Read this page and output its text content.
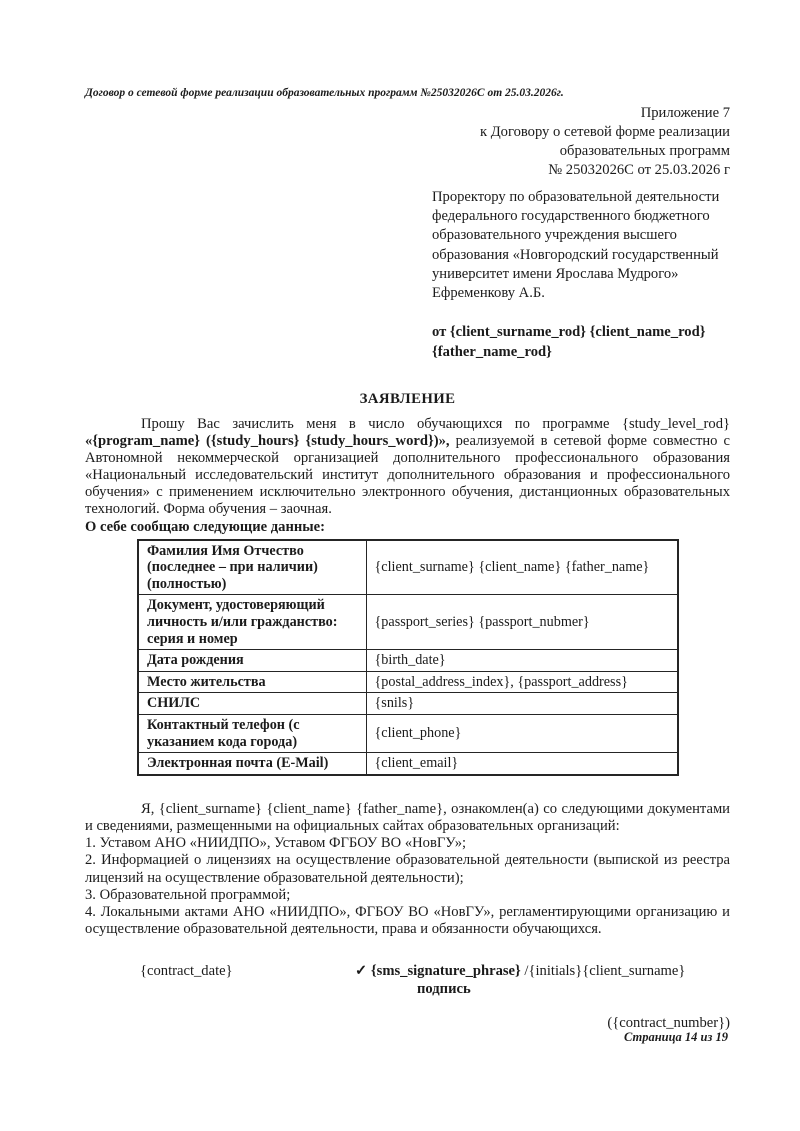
Договор о сетевой форме реализации образовательных программ №25032026С от 25.03.2026г.
Приложение 7
к Договору о сетевой форме реализации
образовательных программ
№ 25032026С от 25.03.2026 г
Проректору по образовательной деятельности
федерального государственного бюджетного
образовательного учреждения высшего
образования «Новгородский государственный
университет имени Ярослава Мудрого»
Ефременкову А.Б.
от {client_surname_rod} {client_name_rod}
{father_name_rod}
ЗАЯВЛЕНИЕ

Прошу Вас зачислить меня в число обучающихся по программе {study_level_rod} «{program_name} ({study_hours} {study_hours_word})», реализуемой в сетевой форме совместно с Автономной некоммерческой организацией дополнительного профессионального образования «Национальный исследовательский институт дополнительного образования и профессионального обучения» с применением исключительно электронного обучения, дистанционных образовательных технологий. Форма обучения – заочная.

О себе сообщаю следующие данные:
Фамилия Имя Отчество (последнее – при наличии) (полностью)	{client_surname} {client_name} {father_name}
Документ, удостоверяющий личность и/или гражданство: серия и номер	{passport_series} {passport_nubmer}
Дата рождения	{birth_date}
Место жительства	{postal_address_index}, {passport_address}
СНИЛС	{snils}
Контактный телефон (с указанием кода города)	{client_phone}
Электронная почта (E-Mail)	{client_email}
Я, {client_surname} {client_name} {father_name}, ознакомлен(а) со следующими документами и сведениями, размещенными на официальных сайтах образовательных организаций:
1. Уставом АНО «НИИДПО», Уставом ФГБОУ ВО «НовГУ»;
2. Информацией о лицензиях на осуществление образовательной деятельности (выпиской из реестра лицензий на осуществление образовательной деятельности);
3. Образовательной программой;
4. Локальными актами АНО «НИИДПО», ФГБОУ ВО «НовГУ», регламентирующими организацию и осуществление образовательной деятельности, права и обязанности обучающихся.
{contract_date}	✓ {sms_signature_phrase} /{initials}{client_surname}
подпись
({contract_number})
Страница 14 из 19
